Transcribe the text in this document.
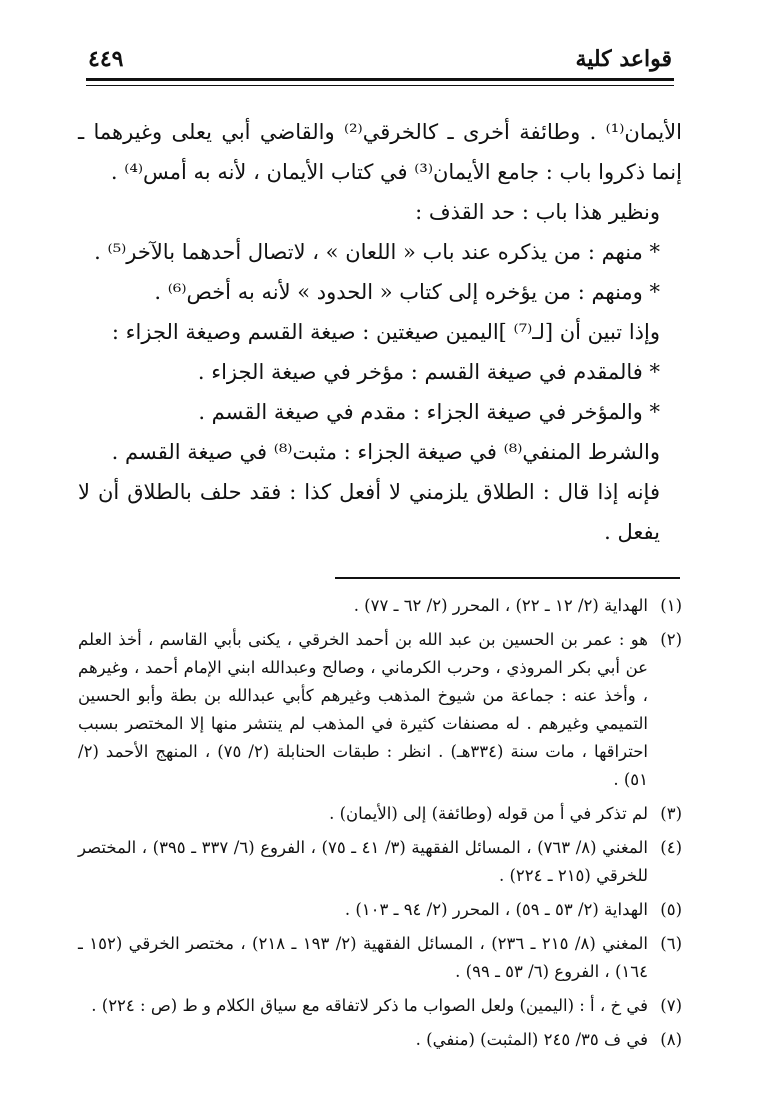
قواعد كلية
٤٤٩

الأيمان⁽¹⁾ . وطائفة أخرى ـ كالخرقي⁽²⁾ والقاضي أبي يعلى وغيرهما ـ إنما ذكروا باب : جامع الأيمان⁽³⁾ في كتاب الأيمان ، لأنه به أمس⁽⁴⁾ .

ونظير هذا باب : حد القذف :

* منهم : من يذكره عند باب « اللعان » ، لاتصال أحدهما بالآخر⁽⁵⁾ .

* ومنهم : من يؤخره إلى كتاب « الحدود » لأنه به أخص⁽⁶⁾ .

وإذا تبين أن [لـ⁽⁷⁾ ]اليمين صيغتين : صيغة القسم وصيغة الجزاء :

* فالمقدم في صيغة القسم : مؤخر في صيغة الجزاء .

* والمؤخر في صيغة الجزاء : مقدم في صيغة القسم .

والشرط المنفي⁽⁸⁾ في صيغة الجزاء : مثبت⁽⁸⁾ في صيغة القسم .

فإنه إذا قال : الطلاق يلزمني لا أفعل كذا : فقد حلف بالطلاق أن لا يفعل .

(١)
الهداية (٢/ ١٢ ـ ٢٢) ، المحرر (٢/ ٦٢ ـ ٧٧) .

(٢)
هو : عمر بن الحسين بن عبد الله بن أحمد الخرقي ، يكنى بأبي القاسم ، أخذ العلم عن أبي بكر المروذي ، وحرب الكرماني ، وصالح وعبدالله ابني الإمام أحمد ، وغيرهم ، وأخذ عنه : جماعة من شيوخ المذهب وغيرهم كأبي عبدالله بن بطة وأبو الحسين التميمي وغيرهم . له مصنفات كثيرة في المذهب لم ينتشر منها إلا المختصر بسبب احتراقها ، مات سنة (٣٣٤هـ) . انظر : طبقات الحنابلة (٢/ ٧٥) ، المنهج الأحمد (٢/ ٥١) .

(٣)
لم تذكر في أ من قوله (وطائفة) إلى (الأيمان) .

(٤)
المغني (٨/ ٧٦٣) ، المسائل الفقهية (٣/ ٤١ ـ ٧٥) ، الفروع (٦/ ٣٣٧ ـ ٣٩٥) ، المختصر للخرقي (٢١٥ ـ ٢٢٤) .

(٥)
الهداية (٢/ ٥٣ ـ ٥٩) ، المحرر (٢/ ٩٤ ـ ١٠٣) .

(٦)
المغني (٨/ ٢١٥ ـ ٢٣٦) ، المسائل الفقهية (٢/ ١٩٣ ـ ٢١٨) ، مختصر الخرقي (١٥٢ ـ ١٦٤) ، الفروع (٦/ ٥٣ ـ ٩٩) .

(٧)
في خ ، أ : (اليمين) ولعل الصواب ما ذكر لاتفاقه مع سياق الكلام و ط (ص : ٢٢٤) .

(٨)
في ف ٣٥/ ٢٤٥ (المثبت) (منفي) .
